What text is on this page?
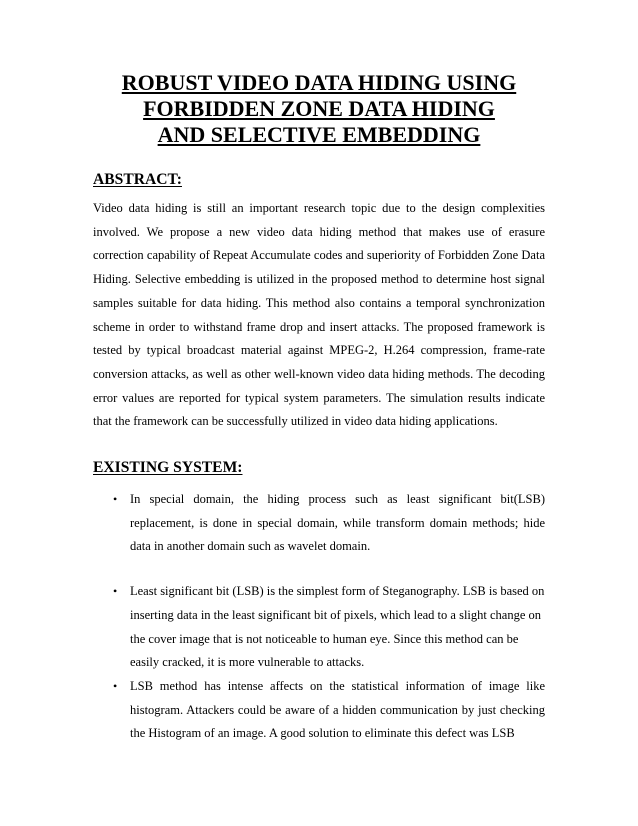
ROBUST VIDEO DATA HIDING USING
FORBIDDEN ZONE DATA HIDING
AND SELECTIVE EMBEDDING
ABSTRACT:

Video data hiding is still an important research topic due to the design complexities involved. We propose a new video data hiding method that makes use of erasure correction capability of Repeat Accumulate codes and superiority of Forbidden Zone Data Hiding. Selective embedding is utilized in the proposed method to determine host signal samples suitable for data hiding. This method also contains a temporal synchronization scheme in order to withstand frame drop and insert attacks. The proposed framework is tested by typical broadcast material against MPEG-2, H.264 compression, frame-rate conversion attacks, as well as other well-known video data hiding methods. The decoding error values are reported for typical system parameters. The simulation results indicate that the framework can be successfully utilized in video data hiding applications.

EXISTING SYSTEM:
• In special domain, the hiding process such as least significant bit(LSB) replacement, is done in special domain, while transform domain methods; hide data in another domain such as wavelet domain.
• Least significant bit (LSB) is the simplest form of Steganography. LSB is based on inserting data in the least significant bit of pixels, which lead to a slight change on the cover image that is not noticeable to human eye. Since this method can be easily cracked, it is more vulnerable to attacks.
• LSB method has intense affects on the statistical information of image like histogram. Attackers could be aware of a hidden communication by just checking the Histogram of an image. A good solution to eliminate this defect was LSB
